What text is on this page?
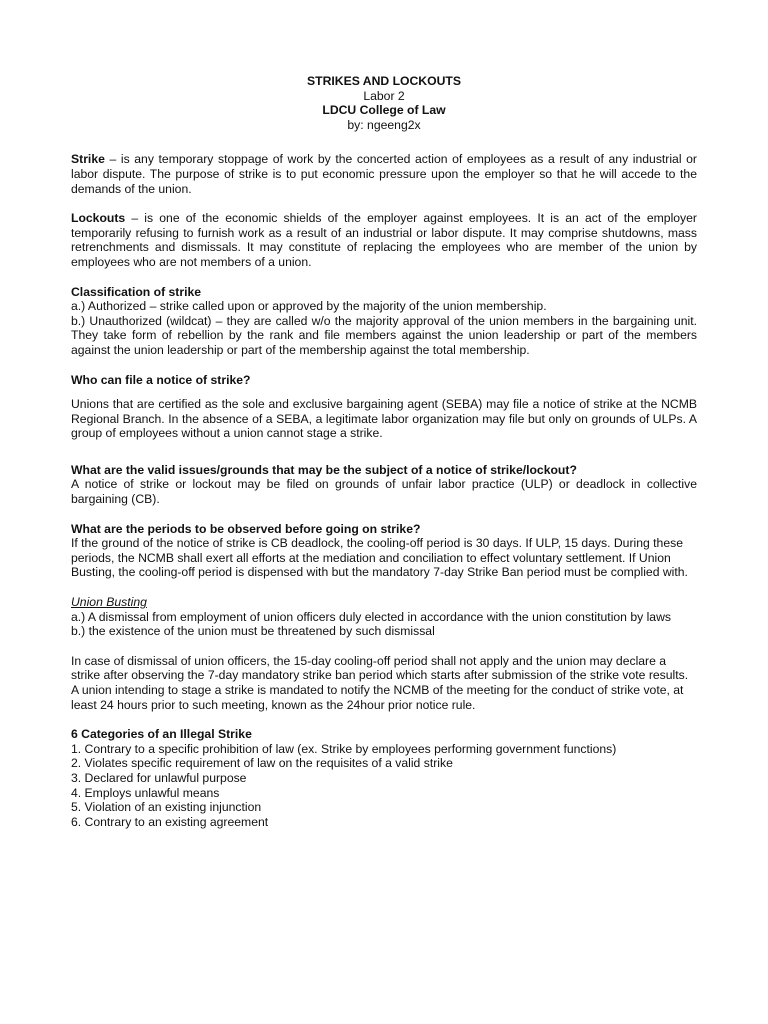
STRIKES AND LOCKOUTS
Labor 2
LDCU College of Law
by: ngeeng2x

Strike – is any temporary stoppage of work by the concerted action of employees as a result of any industrial or labor dispute. The purpose of strike is to put economic pressure upon the employer so that he will accede to the demands of the union.

Lockouts – is one of the economic shields of the employer against employees. It is an act of the employer temporarily refusing to furnish work as a result of an industrial or labor dispute. It may comprise shutdowns, mass retrenchments and dismissals. It may constitute of replacing the employees who are member of the union by employees who are not members of a union.

Classification of strike

a.) Authorized – strike called upon or approved by the majority of the union membership.

b.) Unauthorized (wildcat) – they are called w/o the majority approval of the union members in the bargaining unit. They take form of rebellion by the rank and file members against the union leadership or part of the members against the union leadership or part of the membership against the total membership.

Who can file a notice of strike?

Unions that are certified as the sole and exclusive bargaining agent (SEBA) may file a notice of strike at the NCMB Regional Branch. In the absence of a SEBA, a legitimate labor organization may file but only on grounds of ULPs. A group of employees without a union cannot stage a strike.

What are the valid issues/grounds that may be the subject of a notice of strike/lockout?

A notice of strike or lockout may be filed on grounds of unfair labor practice (ULP) or deadlock in collective bargaining (CB).

What are the periods to be observed before going on strike?

If the ground of the notice of strike is CB deadlock, the cooling-off period is 30 days. If ULP, 15 days. During these periods, the NCMB shall exert all efforts at the mediation and conciliation to effect voluntary settlement. If Union Busting, the cooling-off period is dispensed with but the mandatory 7-day Strike Ban period must be complied with.

Union Busting

a.) A dismissal from employment of union officers duly elected in accordance with the union constitution by laws

b.) the existence of the union must be threatened by such dismissal

In case of dismissal of union officers, the 15-day cooling-off period shall not apply and the union may declare a strike after observing the 7-day mandatory strike ban period which starts after submission of the strike vote results.

A union intending to stage a strike is mandated to notify the NCMB of the meeting for the conduct of strike vote, at least 24 hours prior to such meeting, known as the 24hour prior notice rule.

6 Categories of an Illegal Strike

1. Contrary to a specific prohibition of law (ex. Strike by employees performing government functions)
2. Violates specific requirement of law on the requisites of a valid strike
3. Declared for unlawful purpose
4. Employs unlawful means
5. Violation of an existing injunction
6. Contrary to an existing agreement
